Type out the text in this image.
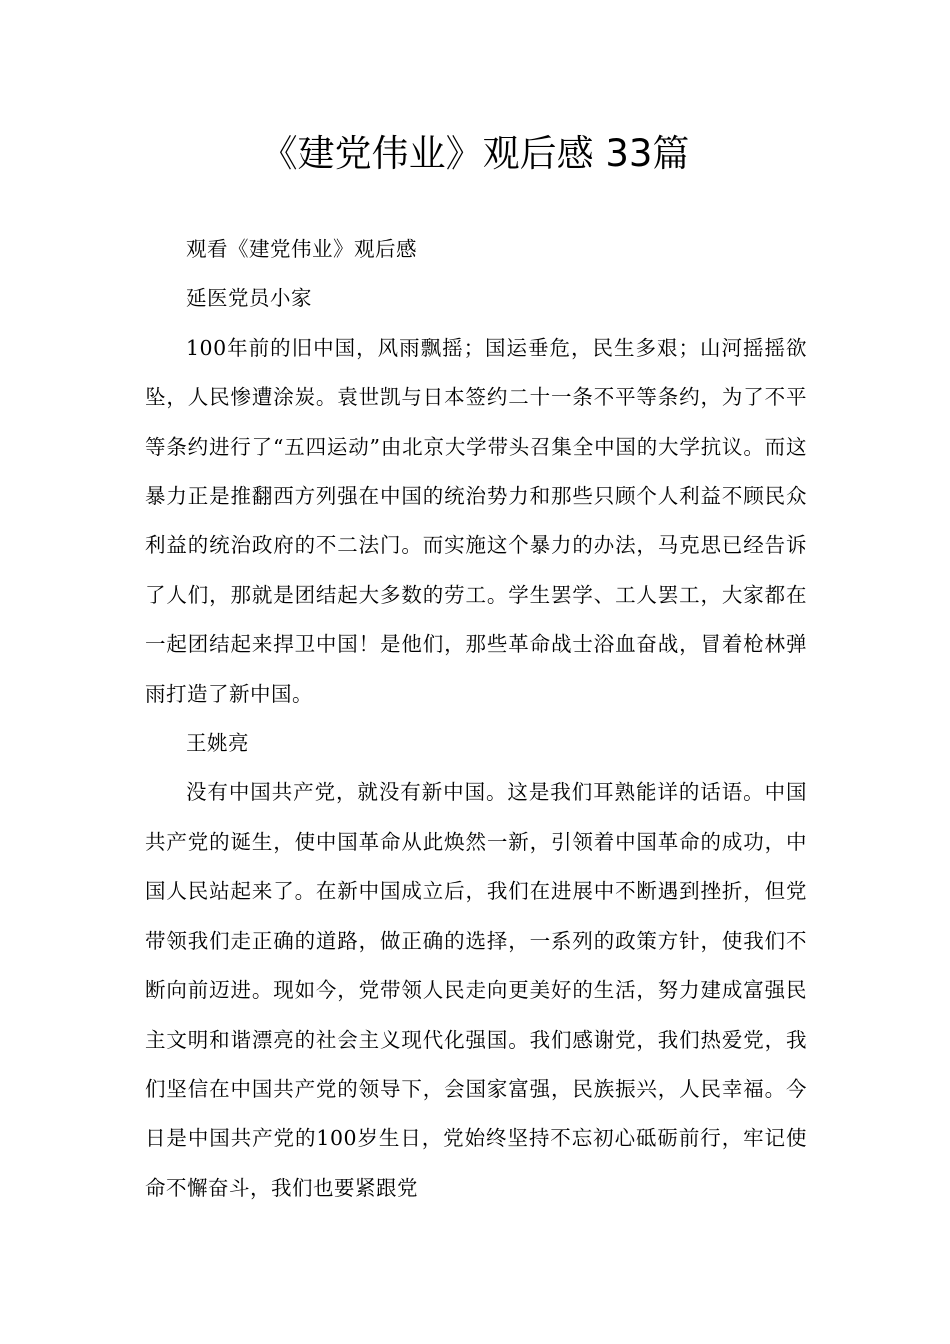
《建党伟业》观后感 33篇

观看《建党伟业》观后感

延医党员小家

100年前的旧中国，风雨飘摇；国运垂危，民生多艰；山河摇摇欲坠，人民惨遭涂炭。袁世凯与日本签约二十一条不平等条约，为了不平等条约进行了“五四运动”由北京大学带头召集全中国的大学抗议。而这暴力正是推翻西方列强在中国的统治势力和那些只顾个人利益不顾民众利益的统治政府的不二法门。而实施这个暴力的办法，马克思已经告诉了人们，那就是团结起大多数的劳工。学生罢学、工人罢工，大家都在一起团结起来捍卫中国！是他们，那些革命战士浴血奋战，冒着枪林弹雨打造了新中国。

王姚亮

没有中国共产党，就没有新中国。这是我们耳熟能详的话语。中国共产党的诞生，使中国革命从此焕然一新，引领着中国革命的成功，中国人民站起来了。在新中国成立后，我们在进展中不断遇到挫折，但党带领我们走正确的道路，做正确的选择，一系列的政策方针，使我们不断向前迈进。现如今，党带领人民走向更美好的生活，努力建成富强民主文明和谐漂亮的社会主义现代化强国。我们感谢党，我们热爱党，我们坚信在中国共产党的领导下，会国家富强，民族振兴，人民幸福。今日是中国共产党的100岁生日，党始终坚持不忘初心砥砺前行，牢记使命不懈奋斗，我们也要紧跟党
